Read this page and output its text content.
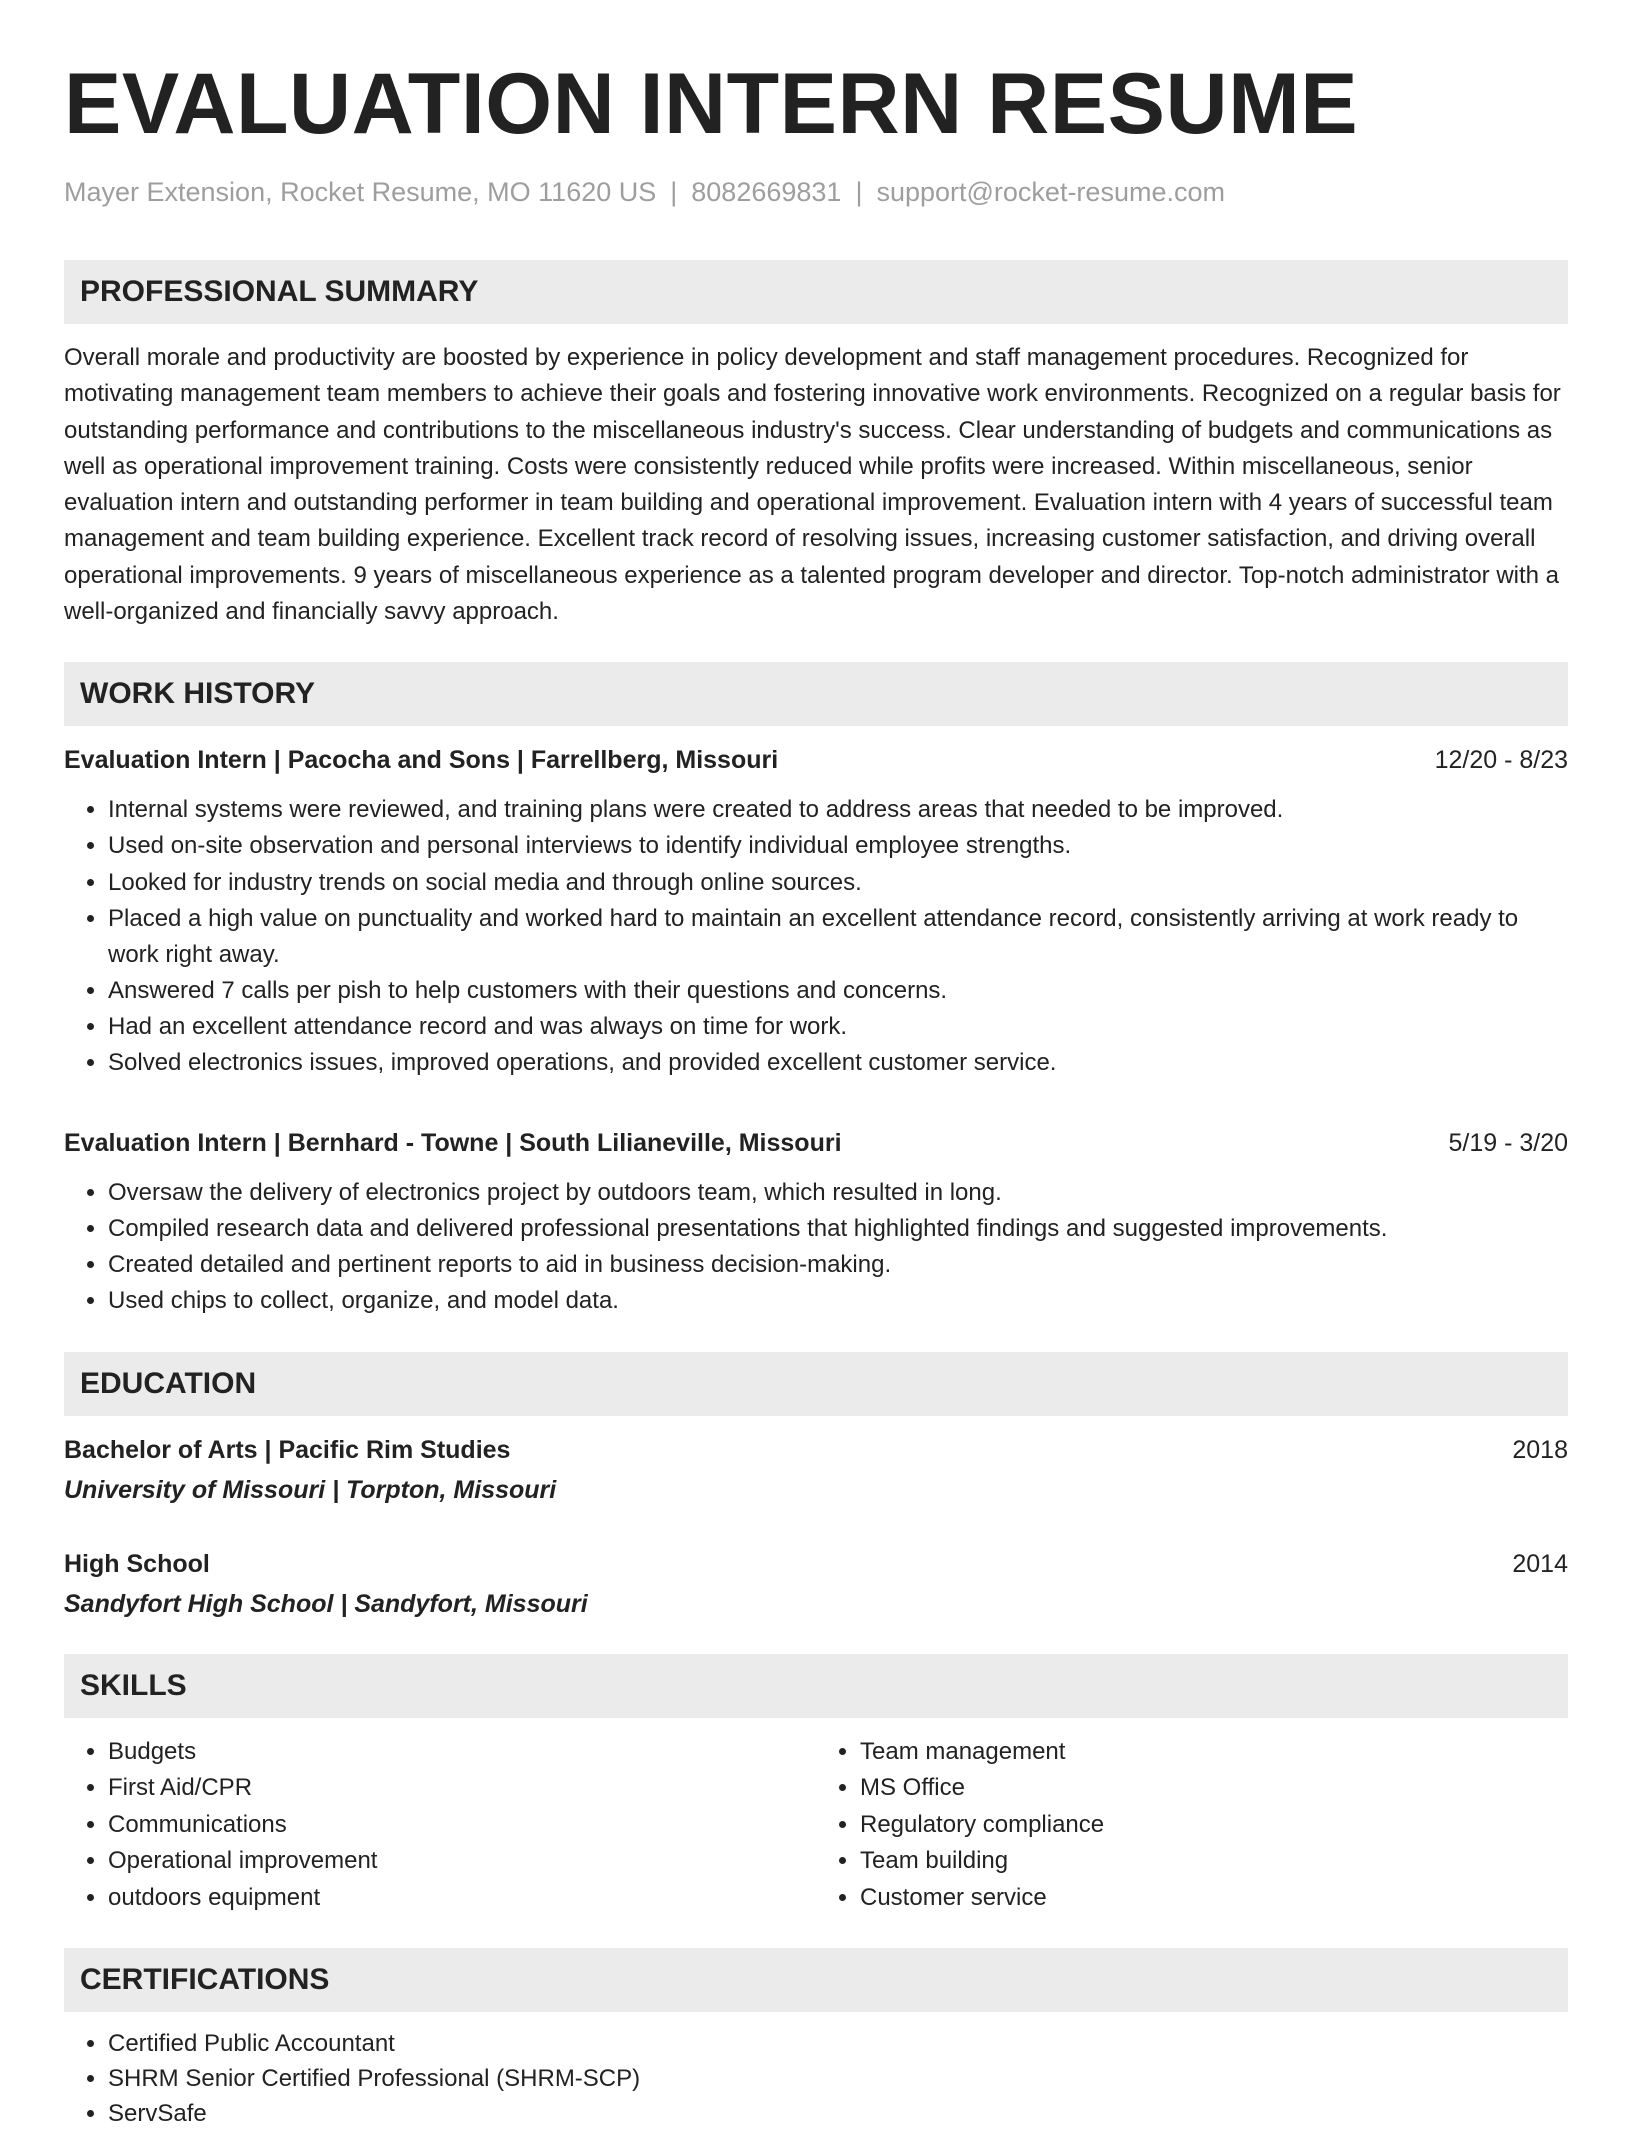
EVALUATION INTERN RESUME
Mayer Extension, Rocket Resume, MO 11620 US | 8082669831 | support@rocket-resume.com
PROFESSIONAL SUMMARY

Overall morale and productivity are boosted by experience in policy development and staff management procedures. Recognized for motivating management team members to achieve their goals and fostering innovative work environments. Recognized on a regular basis for outstanding performance and contributions to the miscellaneous industry's success. Clear understanding of budgets and communications as well as operational improvement training. Costs were consistently reduced while profits were increased. Within miscellaneous, senior evaluation intern and outstanding performer in team building and operational improvement. Evaluation intern with 4 years of successful team management and team building experience. Excellent track record of resolving issues, increasing customer satisfaction, and driving overall operational improvements. 9 years of miscellaneous experience as a talented program developer and director. Top-notch administrator with a well-organized and financially savvy approach.

WORK HISTORY
Evaluation Intern | Pacocha and Sons | Farrellberg, Missouri	12/20 - 8/23
• Internal systems were reviewed, and training plans were created to address areas that needed to be improved.
• Used on-site observation and personal interviews to identify individual employee strengths.
• Looked for industry trends on social media and through online sources.
• Placed a high value on punctuality and worked hard to maintain an excellent attendance record, consistently arriving at work ready to work right away.
• Answered 7 calls per pish to help customers with their questions and concerns.
• Had an excellent attendance record and was always on time for work.
• Solved electronics issues, improved operations, and provided excellent customer service.
Evaluation Intern | Bernhard - Towne | South Lilianeville, Missouri	5/19 - 3/20
• Oversaw the delivery of electronics project by outdoors team, which resulted in long.
• Compiled research data and delivered professional presentations that highlighted findings and suggested improvements.
• Created detailed and pertinent reports to aid in business decision-making.
• Used chips to collect, organize, and model data.
EDUCATION
Bachelor of Arts | Pacific Rim Studies	2018
University of Missouri | Torpton, Missouri
High School	2014
Sandyfort High School | Sandyfort, Missouri
SKILLS
• Budgets
• First Aid/CPR
• Communications
• Operational improvement
• outdoors equipment
• Team management
• MS Office
• Regulatory compliance
• Team building
• Customer service
CERTIFICATIONS
• Certified Public Accountant
• SHRM Senior Certified Professional (SHRM-SCP)
• ServSafe
